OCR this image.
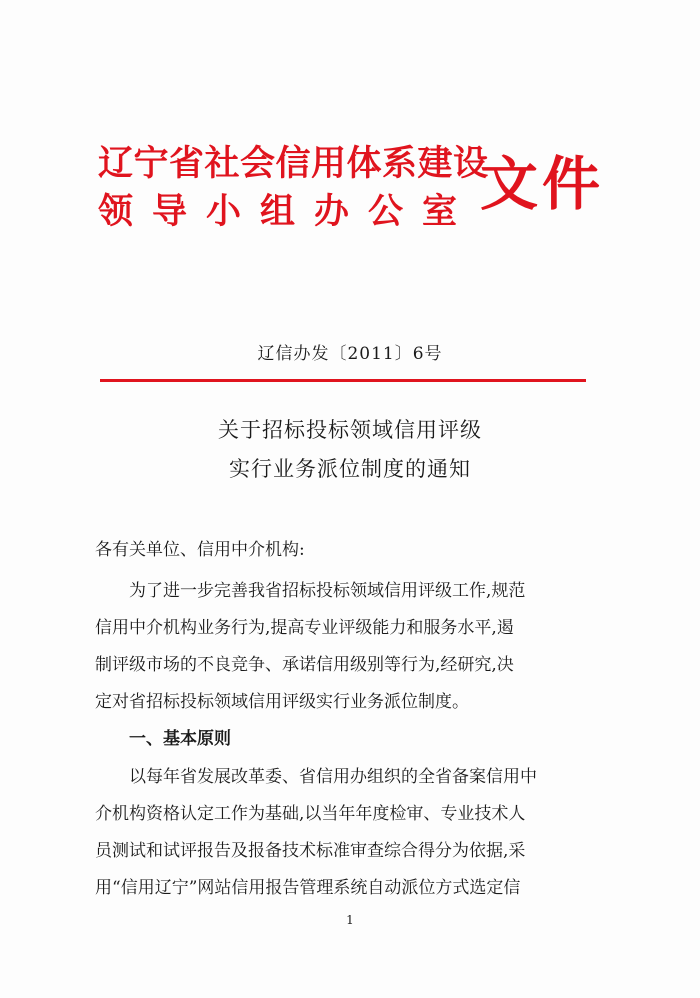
辽宁省社会信用体系建设
领导小组办公室 文件
辽信办发〔2011〕6号
关于招标投标领域信用评级
实行业务派位制度的通知
各有关单位、信用中介机构:
为了进一步完善我省招标投标领域信用评级工作,规范
信用中介机构业务行为,提高专业评级能力和服务水平,遏
制评级市场的不良竞争、承诺信用级别等行为,经研究,决
定对省招标投标领域信用评级实行业务派位制度。
一、基本原则
以每年省发展改革委、省信用办组织的全省备案信用中
介机构资格认定工作为基础,以当年年度检审、专业技术人
员测试和试评报告及报备技术标准审查综合得分为依据,采
用“信用辽宁”网站信用报告管理系统自动派位方式选定信
1
